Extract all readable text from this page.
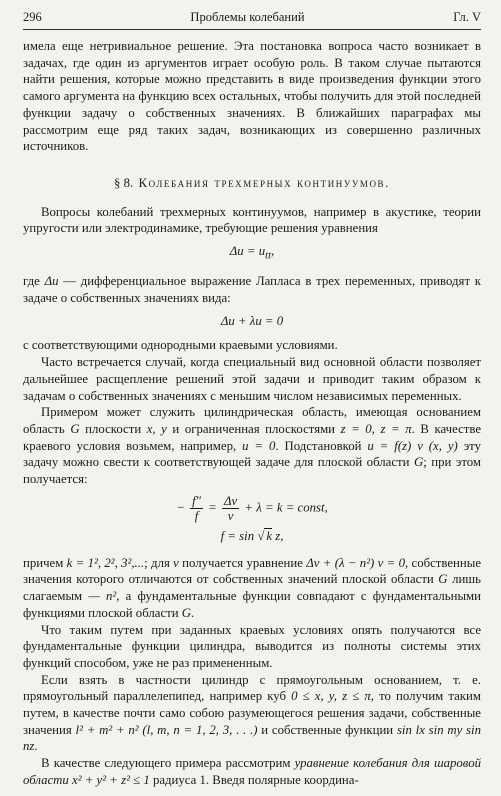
296	Проблемы колебаний	Гл. V

имела еще нетривиальное решение. Эта постановка вопроса часто возникает в задачах, где один из аргументов играет особую роль. В таком случае пытаются найти решения, которые можно представить в виде произведения функции этого самого аргумента на функцию всех остальных, чтобы получить для этой последней функции задачу о собственных значениях. В ближайших параграфах мы рассмотрим еще ряд таких задач, возникающих из совершенно различных источников.

§ 8. Колебания трехмерных континуумов.

Вопросы колебаний трехмерных континуумов, например в акустике, теории упругости или электродинамике, требующие решения уравнения

$\Delta u = u_{tt}$,

где Δu — дифференциальное выражение Лапласа в трех переменных, приводят к задаче о собственных значениях вида:

Δu + λu = 0

с соответствующими однородными краевыми условиями.

Часто встречается случай, когда специальный вид основной области позволяет дальнейшее расщепление решений этой задачи и приводит таким образом к задачам о собственных значениях с меньшим числом независимых переменных.

Примером может служить цилиндрическая область, имеющая основанием область G плоскости x, y и ограниченная плоскостями z = 0, z = π. В качестве краевого условия возьмем, например, u = 0. Подстановкой u = f(z) v (x, y) эту задачу можно свести к соответствующей задаче для плоской области G; при этом получается:

− $\frac{f''}{f} = \frac{\Delta v}{v} + \lambda = k$ = const,
f = sin √ k z,

причем k = 1², 2², 3²,...; для v получается уравнение Δv + (λ − n²) v = 0, собственные значения которого отличаются от собственных значений плоской области G лишь слагаемым — n², а фундаментальные функции совпадают с фундаментальными функциями плоской области G.

Что таким путем при заданных краевых условиях опять получаются все фундаментальные функции цилиндра, выводится из полноты системы этих функций способом, уже не раз примененным.

Если взять в частности цилиндр с прямоугольным основанием, т. е. прямоугольный параллелепипед, например куб 0 ≤ x, y, z ≤ π, то получим таким путем, в качестве почти само собою разумеющегося решения задачи, собственные значения l² + m² + n² (l, m, n = 1, 2, 3, . . .) и собственные функции sin lx sin my sin nz.

В качестве следующего примера рассмотрим уравнение колебания для шаровой области x² + y² + z² ≤ 1 радиуса 1. Введя полярные координа-
